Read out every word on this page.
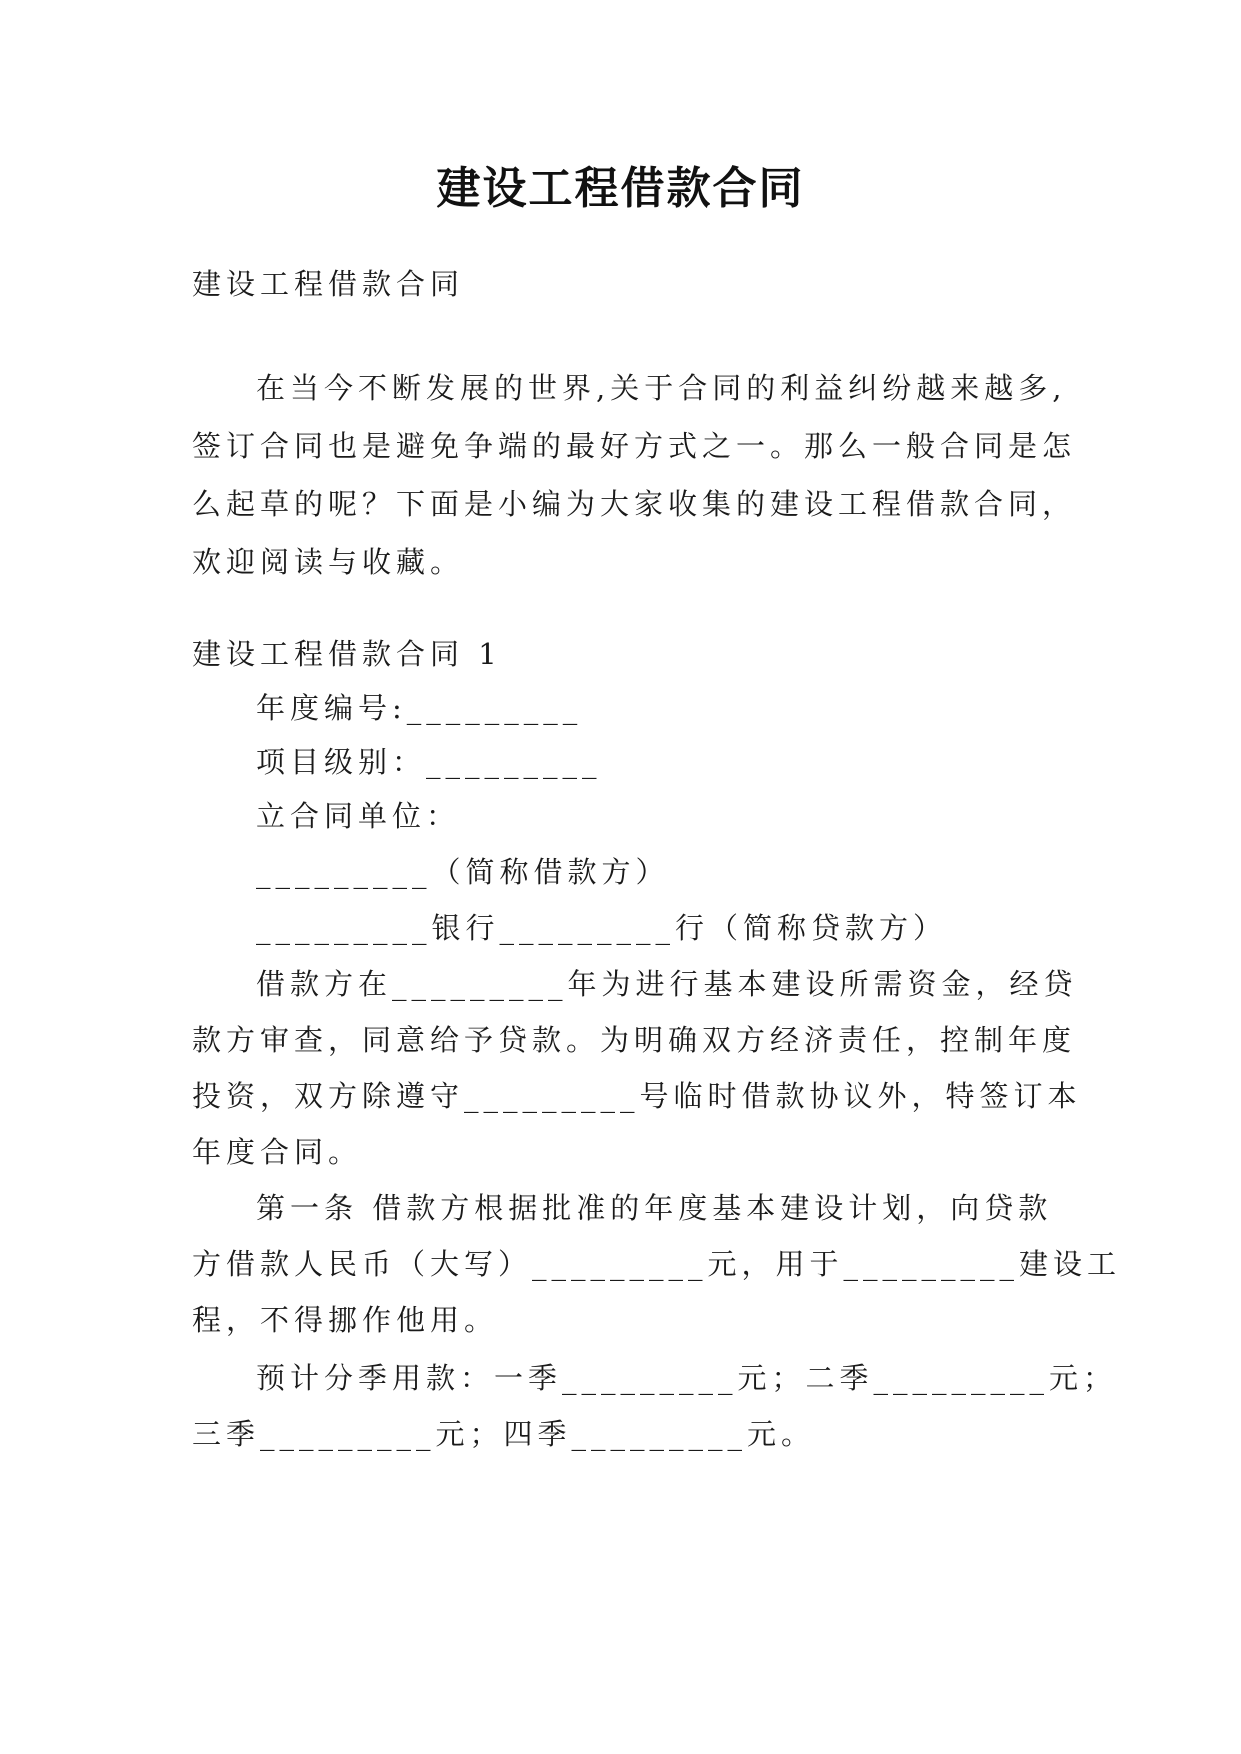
建设工程借款合同
建设工程借款合同
在当今不断发展的世界,关于合同的利益纠纷越来越多,
签订合同也是避免争端的最好方式之一。那么一般合同是怎
么起草的呢？下面是小编为大家收集的建设工程借款合同，
欢迎阅读与收藏。
建设工程借款合同 1
年度编号:_________
项目级别：_________
立合同单位：
_________（简称借款方）
_________银行_________行（简称贷款方）
借款方在_________年为进行基本建设所需资金，经贷
款方审查，同意给予贷款。为明确双方经济责任，控制年度
投资，双方除遵守_________号临时借款协议外，特签订本
年度合同。
第一条 借款方根据批准的年度基本建设计划，向贷款
方借款人民币（大写）_________元，用于_________建设工
程，不得挪作他用。
预计分季用款：一季_________元；二季_________元；
三季_________元；四季_________元。
